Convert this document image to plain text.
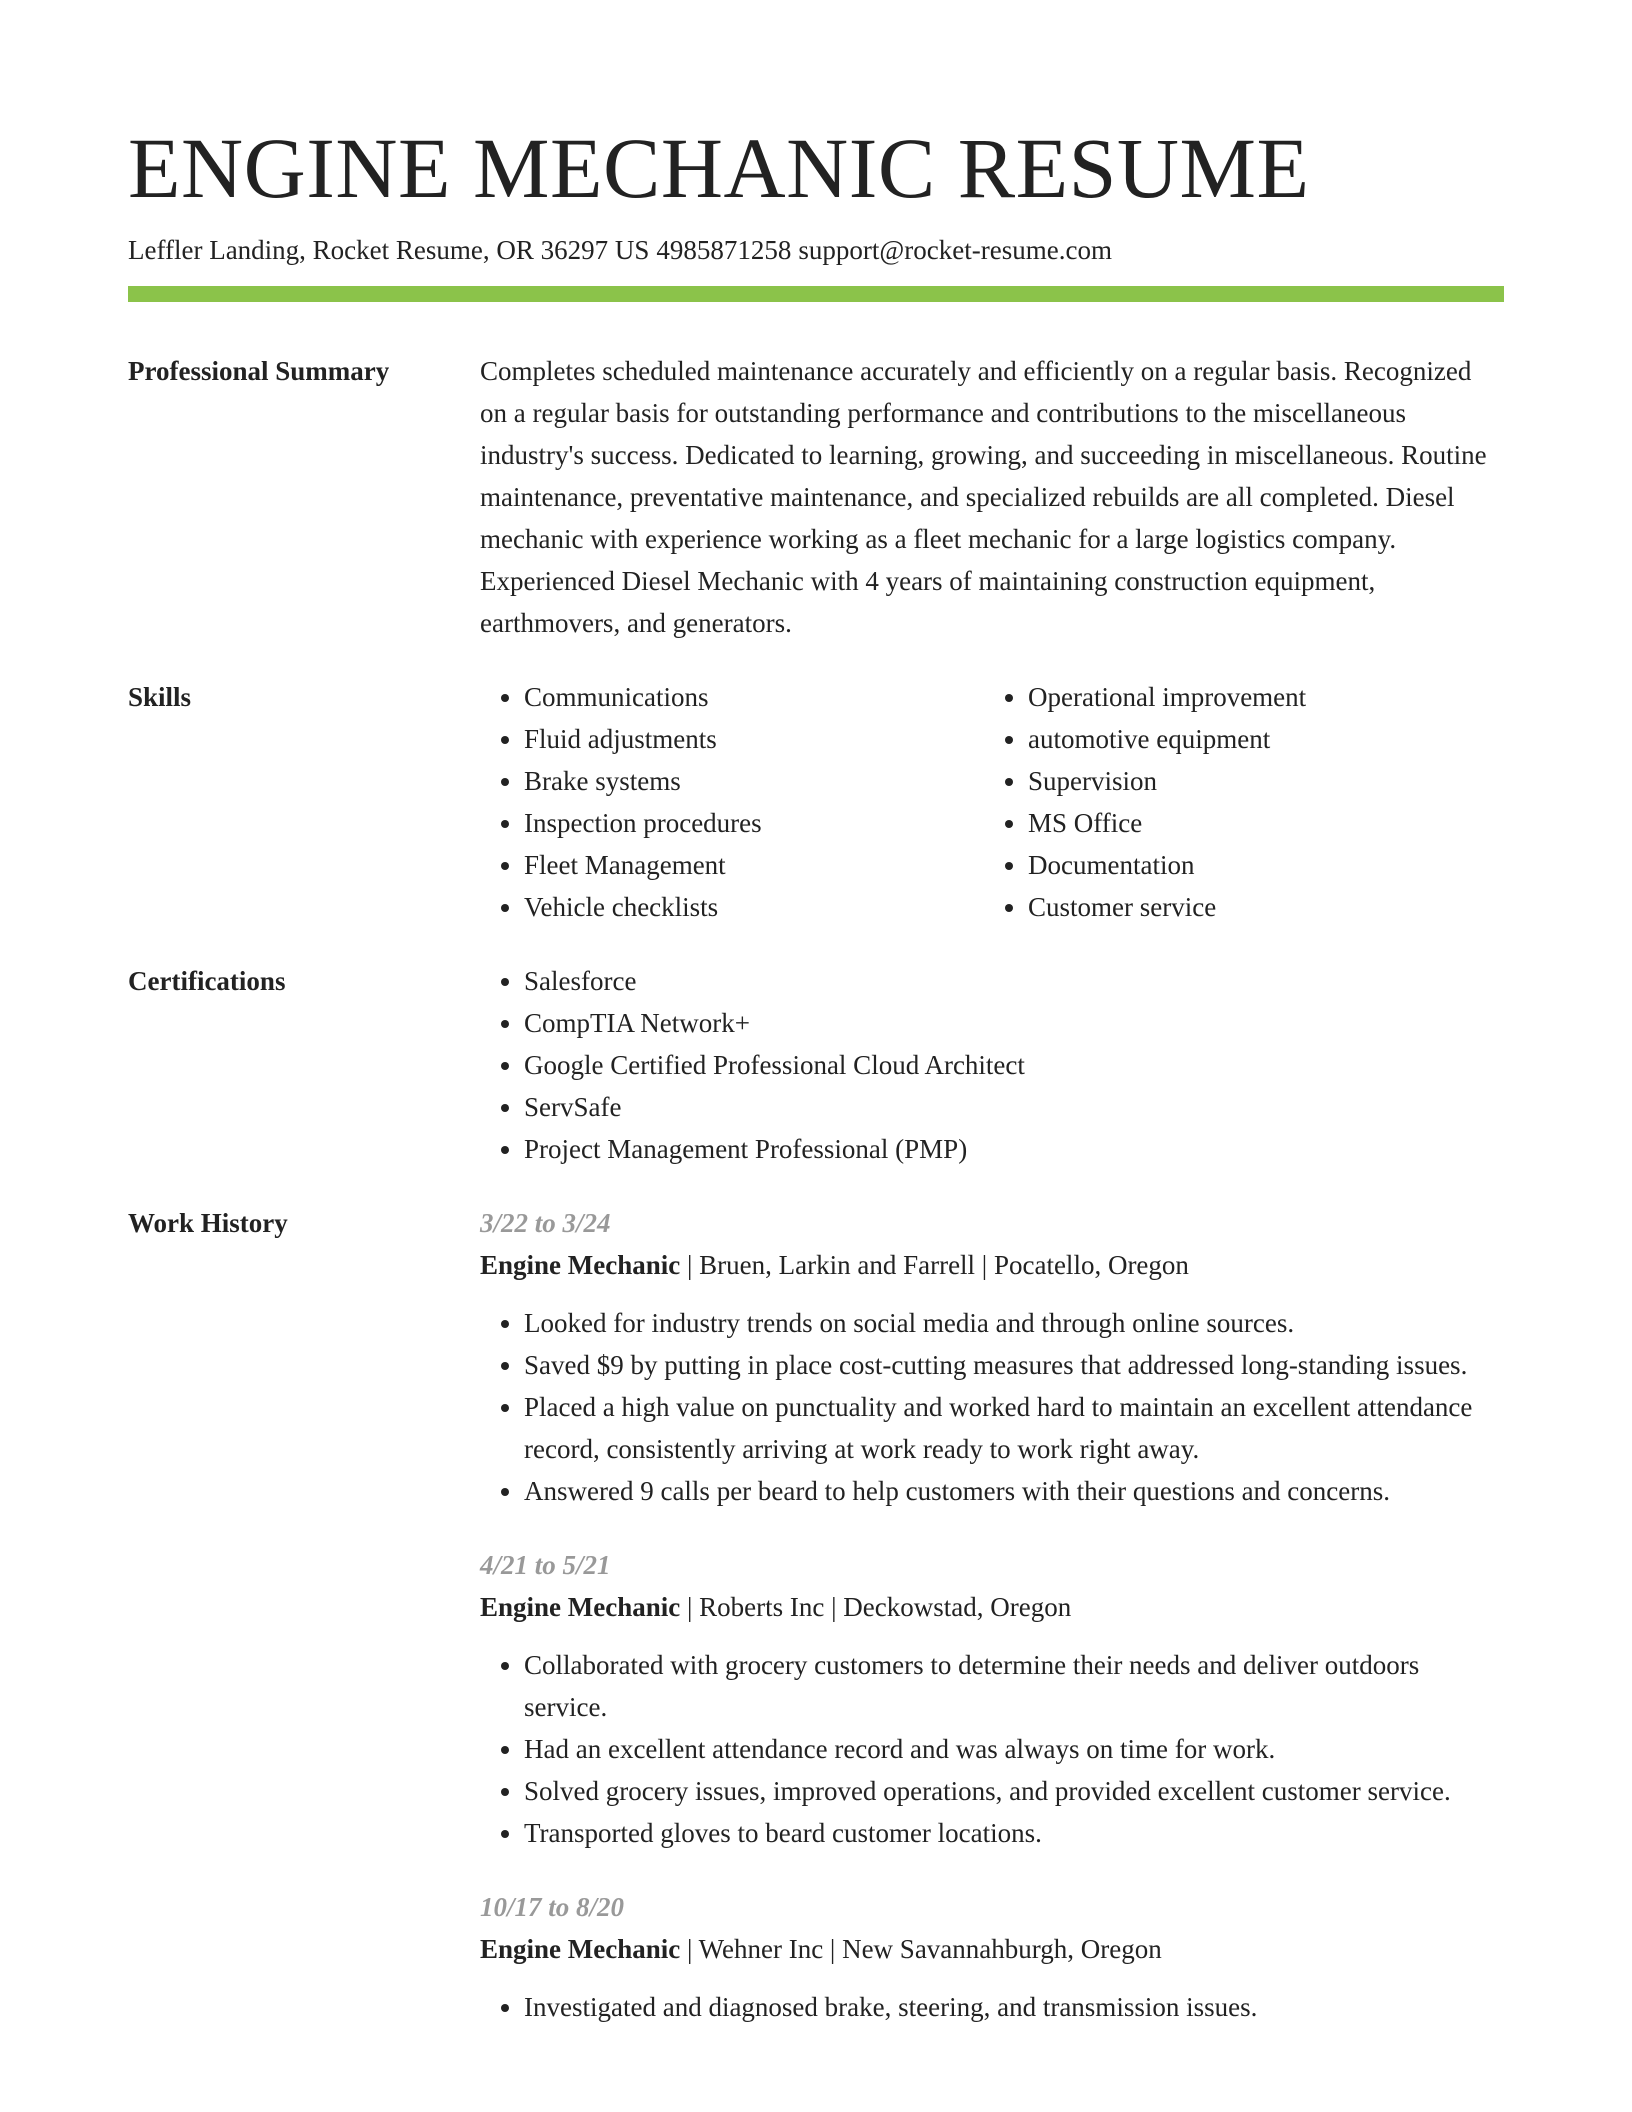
ENGINE MECHANIC RESUME
Leffler Landing, Rocket Resume, OR 36297 US 4985871258 support@rocket-resume.com
Professional Summary	Completes scheduled maintenance accurately and efficiently on a regular basis. Recognized on a regular basis for outstanding performance and contributions to the miscellaneous industry's success. Dedicated to learning, growing, and succeeding in miscellaneous. Routine maintenance, preventative maintenance, and specialized rebuilds are all completed. Diesel mechanic with experience working as a fleet mechanic for a large logistics company. Experienced Diesel Mechanic with 4 years of maintaining construction equipment, earthmovers, and generators.

Skills	• Communications
• Fluid adjustments
• Brake systems
• Inspection procedures
• Fleet Management
• Vehicle checklists
• Operational improvement
• automotive equipment
• Supervision
• MS Office
• Documentation
• Customer service
Certifications	• Salesforce
• CompTIA Network+
• Google Certified Professional Cloud Architect
• ServSafe
• Project Management Professional (PMP)
Work History	3/22 to 3/24
Engine Mechanic | Bruen, Larkin and Farrell | Pocatello, Oregon
• Looked for industry trends on social media and through online sources.
• Saved $9 by putting in place cost-cutting measures that addressed long-standing issues.
• Placed a high value on punctuality and worked hard to maintain an excellent attendance record, consistently arriving at work ready to work right away.
• Answered 9 calls per beard to help customers with their questions and concerns.
4/21 to 5/21
Engine Mechanic | Roberts Inc | Deckowstad, Oregon
• Collaborated with grocery customers to determine their needs and deliver outdoors service.
• Had an excellent attendance record and was always on time for work.
• Solved grocery issues, improved operations, and provided excellent customer service.
• Transported gloves to beard customer locations.
10/17 to 8/20
Engine Mechanic | Wehner Inc | New Savannahburgh, Oregon
• Investigated and diagnosed brake, steering, and transmission issues.
